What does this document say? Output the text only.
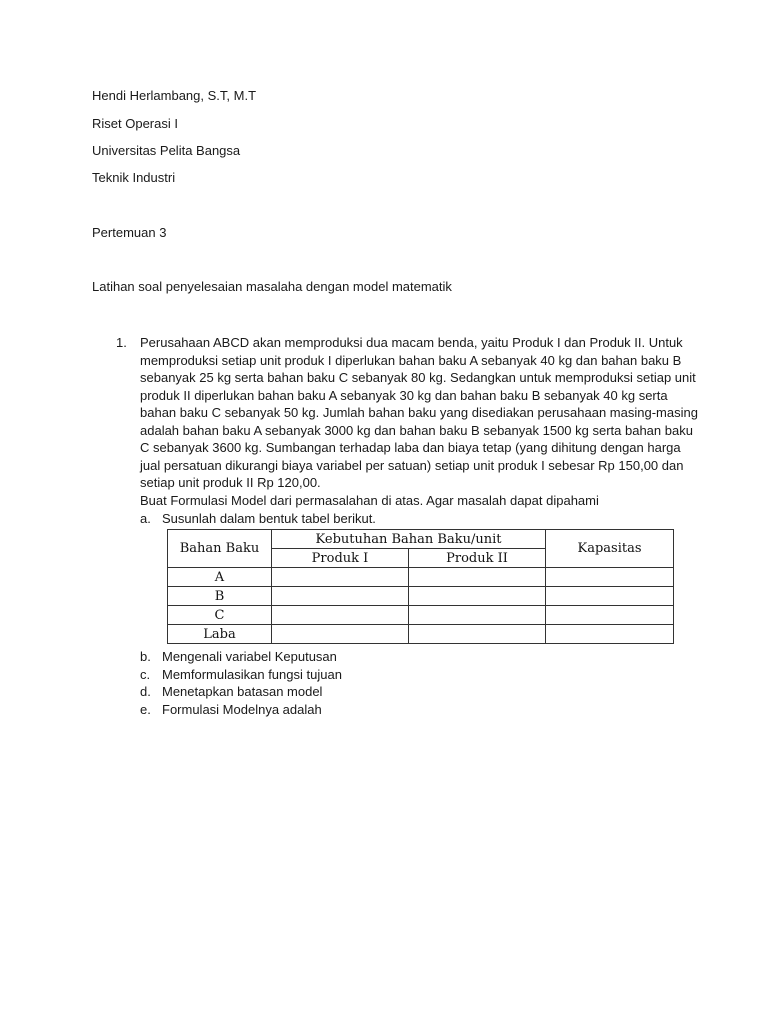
Hendi Herlambang, S.T, M.T
Riset Operasi I
Universitas Pelita Bangsa
Teknik Industri
Pertemuan 3
Latihan soal penyelesaian masalaha dengan model matematik
1. Perusahaan ABCD akan memproduksi dua macam benda, yaitu Produk I dan Produk II. Untuk
memproduksi setiap unit produk I diperlukan bahan baku A sebanyak 40 kg dan bahan baku B
sebanyak 25 kg serta bahan baku C sebanyak 80 kg. Sedangkan untuk memproduksi setiap unit
produk II diperlukan bahan baku A sebanyak 30 kg dan bahan baku B sebanyak 40 kg serta
bahan baku C sebanyak 50 kg. Jumlah bahan baku yang disediakan perusahaan masing-masing
adalah bahan baku A sebanyak 3000 kg dan bahan baku B sebanyak 1500 kg serta bahan baku
C sebanyak 3600 kg. Sumbangan terhadap laba dan biaya tetap (yang dihitung dengan harga
jual persatuan dikurangi biaya variabel per satuan) setiap unit produk I sebesar Rp 150,00 dan
setiap unit produk II Rp 120,00.
Buat Formulasi Model dari permasalahan di atas. Agar masalah dapat dipahami
a. Susunlah dalam bentuk tabel berikut.
Bahan Baku	Kebutuhan Bahan Baku/unit		Kapasitas
	Produk I	Produk II	
A			
B			
C			
Laba			
b. Mengenali variabel Keputusan
c. Memformulasikan fungsi tujuan
d. Menetapkan batasan model
e. Formulasi Modelnya adalah
